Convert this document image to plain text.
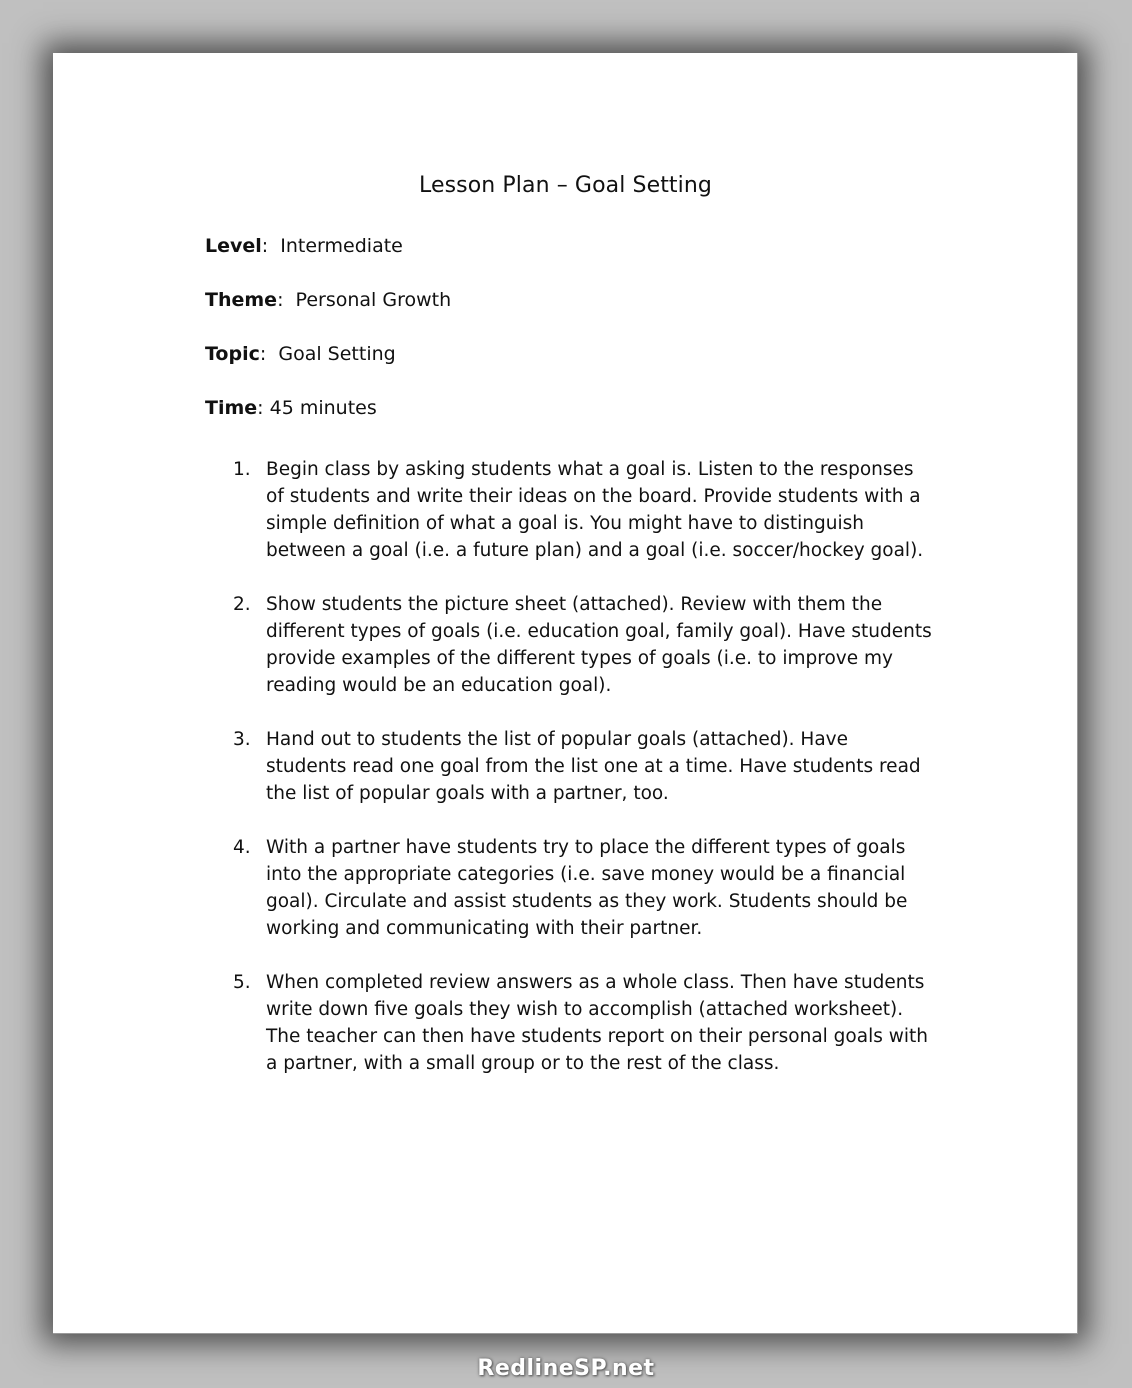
Lesson Plan – Goal Setting
Level:  Intermediate
Theme:  Personal Growth
Topic:  Goal Setting
Time: 45 minutes
1. Begin class by asking students what a goal is. Listen to the responses of students and write their ideas on the board. Provide students with a simple definition of what a goal is. You might have to distinguish between a goal (i.e. a future plan) and a goal (i.e. soccer/hockey goal).
2. Show students the picture sheet (attached). Review with them the different types of goals (i.e. education goal, family goal). Have students provide examples of the different types of goals (i.e. to improve my reading would be an education goal).
3. Hand out to students the list of popular goals (attached). Have students read one goal from the list one at a time. Have students read the list of popular goals with a partner, too.
4. With a partner have students try to place the different types of goals into the appropriate categories (i.e. save money would be a financial goal). Circulate and assist students as they work. Students should be working and communicating with their partner.
5. When completed review answers as a whole class. Then have students write down five goals they wish to accomplish (attached worksheet). The teacher can then have students report on their personal goals with a partner, with a small group or to the rest of the class.
RedlineSP.net
